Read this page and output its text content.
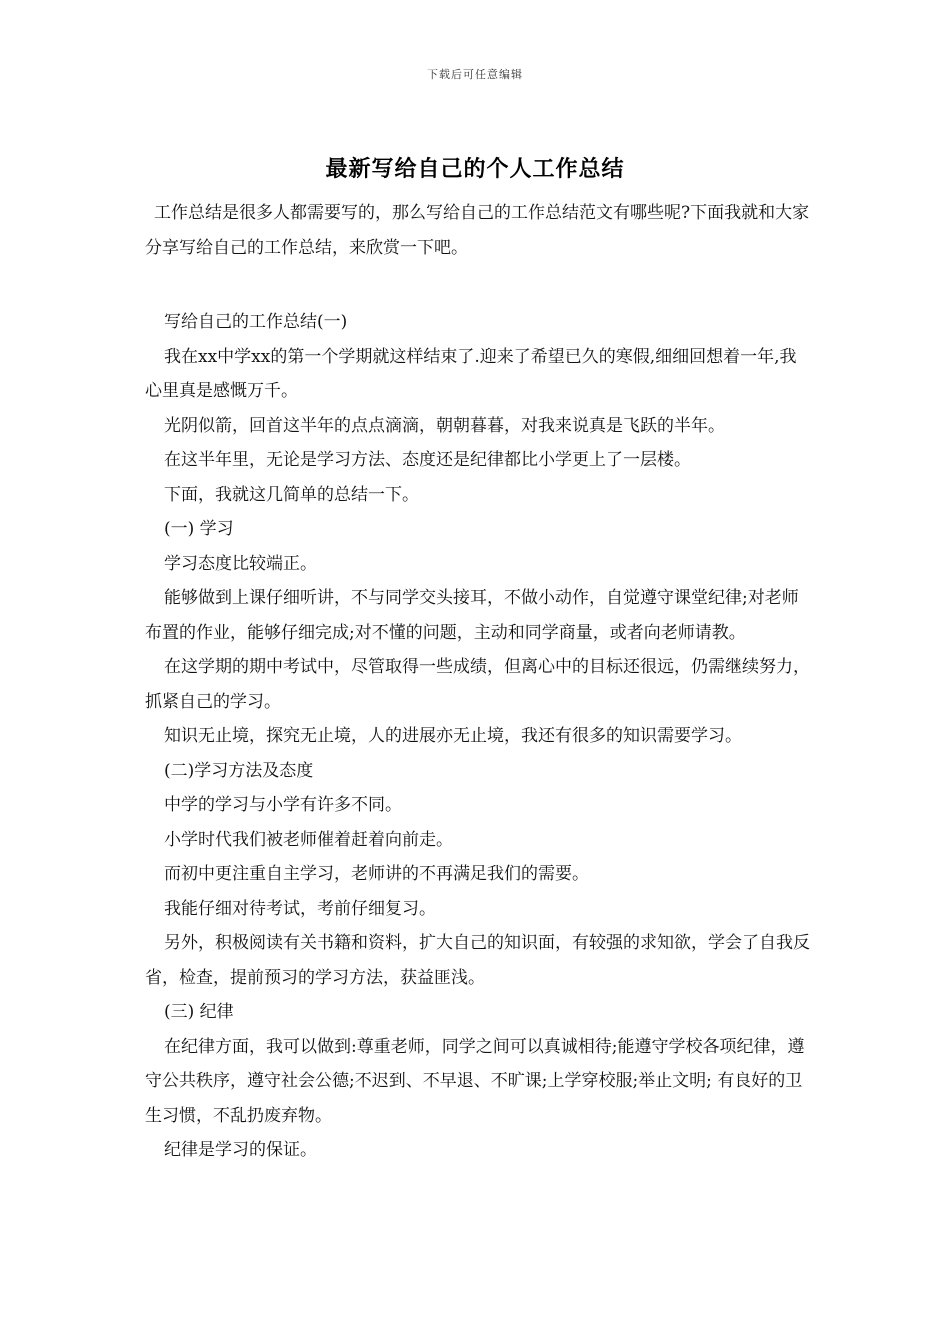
下载后可任意编辑
最新写给自己的个人工作总结

工作总结是很多人都需要写的，那么写给自己的工作总结范文有哪些呢?下面我就和大家分享写给自己的工作总结，来欣赏一下吧。

写给自己的工作总结(一)

我在xx中学xx的第一个学期就这样结束了.迎来了希望已久的寒假,细细回想着一年,我心里真是感慨万千。

光阴似箭，回首这半年的点点滴滴，朝朝暮暮，对我来说真是飞跃的半年。

在这半年里，无论是学习方法、态度还是纪律都比小学更上了一层楼。

下面，我就这几简单的总结一下。

(一) 学习

学习态度比较端正。

能够做到上课仔细听讲，不与同学交头接耳，不做小动作，自觉遵守课堂纪律;对老师布置的作业，能够仔细完成;对不懂的问题，主动和同学商量，或者向老师请教。

在这学期的期中考试中，尽管取得一些成绩，但离心中的目标还很远，仍需继续努力，抓紧自己的学习。

知识无止境，探究无止境，人的进展亦无止境，我还有很多的知识需要学习。

(二)学习方法及态度

中学的学习与小学有许多不同。

小学时代我们被老师催着赶着向前走。

而初中更注重自主学习，老师讲的不再满足我们的需要。

我能仔细对待考试，考前仔细复习。

另外，积极阅读有关书籍和资料，扩大自己的知识面，有较强的求知欲，学会了自我反省，检查，提前预习的学习方法，获益匪浅。

(三) 纪律

在纪律方面，我可以做到:尊重老师，同学之间可以真诚相待;能遵守学校各项纪律，遵守公共秩序，遵守社会公德;不迟到、不早退、不旷课;上学穿校服;举止文明; 有良好的卫生习惯，不乱扔废弃物。

纪律是学习的保证。
